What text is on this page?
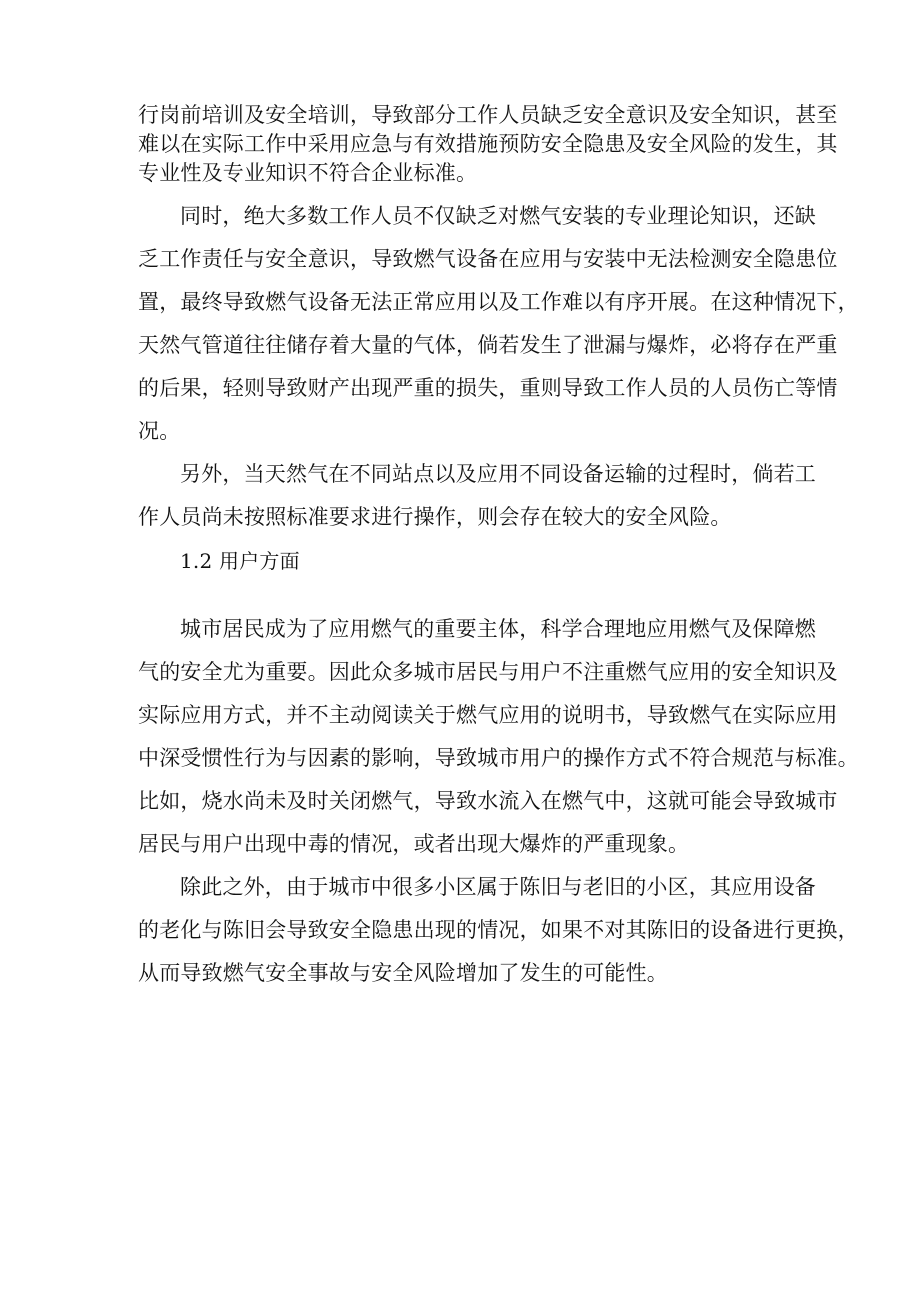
行岗前培训及安全培训，导致部分工作人员缺乏安全意识及安全知识，甚至

难以在实际工作中采用应急与有效措施预防安全隐患及安全风险的发生，其

专业性及专业知识不符合企业标准。

同时，绝大多数工作人员不仅缺乏对燃气安装的专业理论知识，还缺

乏工作责任与安全意识，导致燃气设备在应用与安装中无法检测安全隐患位

置，最终导致燃气设备无法正常应用以及工作难以有序开展。在这种情况下，

天然气管道往往储存着大量的气体，倘若发生了泄漏与爆炸，必将存在严重

的后果，轻则导致财产出现严重的损失，重则导致工作人员的人员伤亡等情

况。

另外，当天然气在不同站点以及应用不同设备运输的过程时，倘若工

作人员尚未按照标准要求进行操作，则会存在较大的安全风险。

1.2 用户方面

城市居民成为了应用燃气的重要主体，科学合理地应用燃气及保障燃

气的安全尤为重要。因此众多城市居民与用户不注重燃气应用的安全知识及

实际应用方式，并不主动阅读关于燃气应用的说明书，导致燃气在实际应用

中深受惯性行为与因素的影响，导致城市用户的操作方式不符合规范与标准。

比如，烧水尚未及时关闭燃气，导致水流入在燃气中，这就可能会导致城市

居民与用户出现中毒的情况，或者出现大爆炸的严重现象。

除此之外，由于城市中很多小区属于陈旧与老旧的小区，其应用设备

的老化与陈旧会导致安全隐患出现的情况，如果不对其陈旧的设备进行更换，

从而导致燃气安全事故与安全风险增加了发生的可能性。
